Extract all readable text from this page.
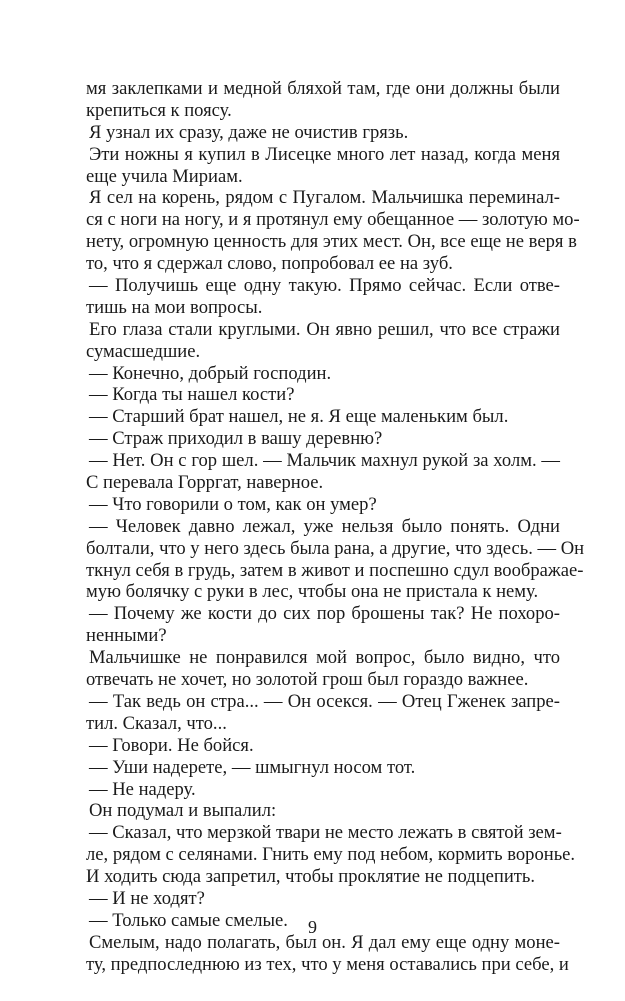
мя заклепками и медной бляхой там, где они должны были
крепиться к поясу.
Я узнал их сразу, даже не очистив грязь.
Эти ножны я купил в Лисецке много лет назад, когда меня
еще учила Мириам.
Я сел на корень, рядом с Пугалом. Мальчишка переминал-
ся с ноги на ногу, и я протянул ему обещанное — золотую мо-
нету, огромную ценность для этих мест. Он, все еще не веря в
то, что я сдержал слово, попробовал ее на зуб.
— Получишь еще одну такую. Прямо сейчас. Если отве-
тишь на мои вопросы.
Его глаза стали круглыми. Он явно решил, что все стражи
сумасшедшие.
— Конечно, добрый господин.
— Когда ты нашел кости?
— Старший брат нашел, не я. Я еще маленьким был.
— Страж приходил в вашу деревню?
— Нет. Он с гор шел. — Мальчик махнул рукой за холм. —
С перевала Горргат, наверное.
— Что говорили о том, как он умер?
— Человек давно лежал, уже нельзя было понять. Одни
болтали, что у него здесь была рана, а другие, что здесь. — Он
ткнул себя в грудь, затем в живот и поспешно сдул воображае-
мую болячку с руки в лес, чтобы она не пристала к нему.
— Почему же кости до сих пор брошены так? Не похоро-
ненными?
Мальчишке не понравился мой вопрос, было видно, что
отвечать не хочет, но золотой грош был гораздо важнее.
— Так ведь он стра... — Он осекся. — Отец Гженек запре-
тил. Сказал, что...
— Говори. Не бойся.
— Уши надерете, — шмыгнул носом тот.
— Не надеру.
Он подумал и выпалил:
— Сказал, что мерзкой твари не место лежать в святой зем-
ле, рядом с селянами. Гнить ему под небом, кормить воронье.
И ходить сюда запретил, чтобы проклятие не подцепить.
— И не ходят?
— Только самые смелые.
Смелым, надо полагать, был он. Я дал ему еще одну моне-
ту, предпоследнюю из тех, что у меня оставались при себе, и
9
